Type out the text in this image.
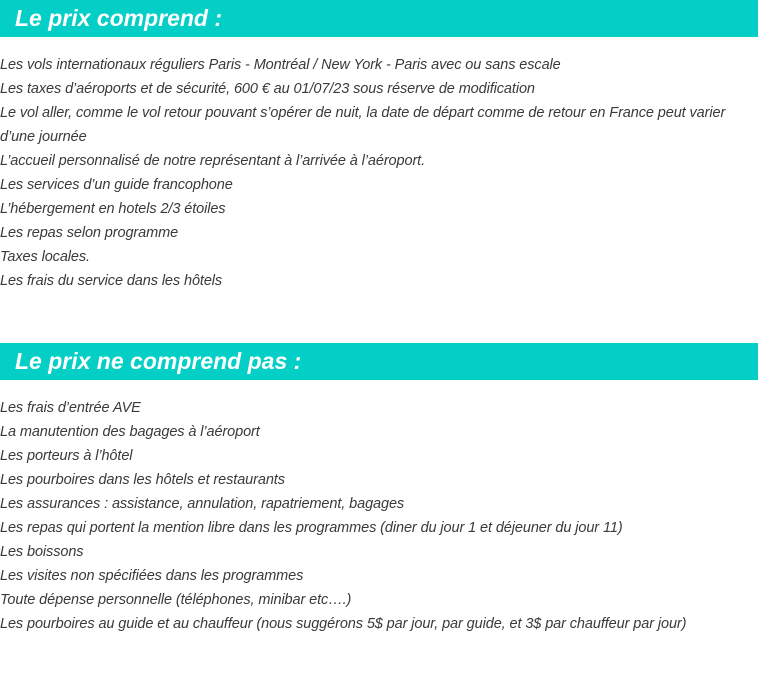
Le prix comprend :
Les vols internationaux réguliers Paris - Montréal / New York - Paris avec ou sans escale
Les taxes d’aéroports et de sécurité, 600 € au 01/07/23 sous réserve de modification
Le vol aller, comme le vol retour pouvant s’opérer de nuit, la date de départ comme de retour en France peut varier d’une journée
L’accueil personnalisé de notre représentant à l’arrivée à l’aéroport.
Les services d’un guide francophone
L’hébergement en hotels 2/3 étoiles
Les repas selon programme
Taxes locales.
Les frais du service dans les hôtels
Le prix ne comprend pas :
Les frais d’entrée AVE
La manutention des bagages à l’aéroport
Les porteurs à l’hôtel
Les pourboires dans les hôtels et restaurants
Les assurances : assistance, annulation, rapatriement, bagages
Les repas qui portent la mention libre dans les programmes (diner du jour 1 et déjeuner du jour 11)
Les boissons
Les visites non spécifiées dans les programmes
Toute dépense personnelle (téléphones, minibar etc….)
Les pourboires au guide et au chauffeur (nous suggérons 5$ par jour, par guide, et 3$ par chauffeur par jour)
